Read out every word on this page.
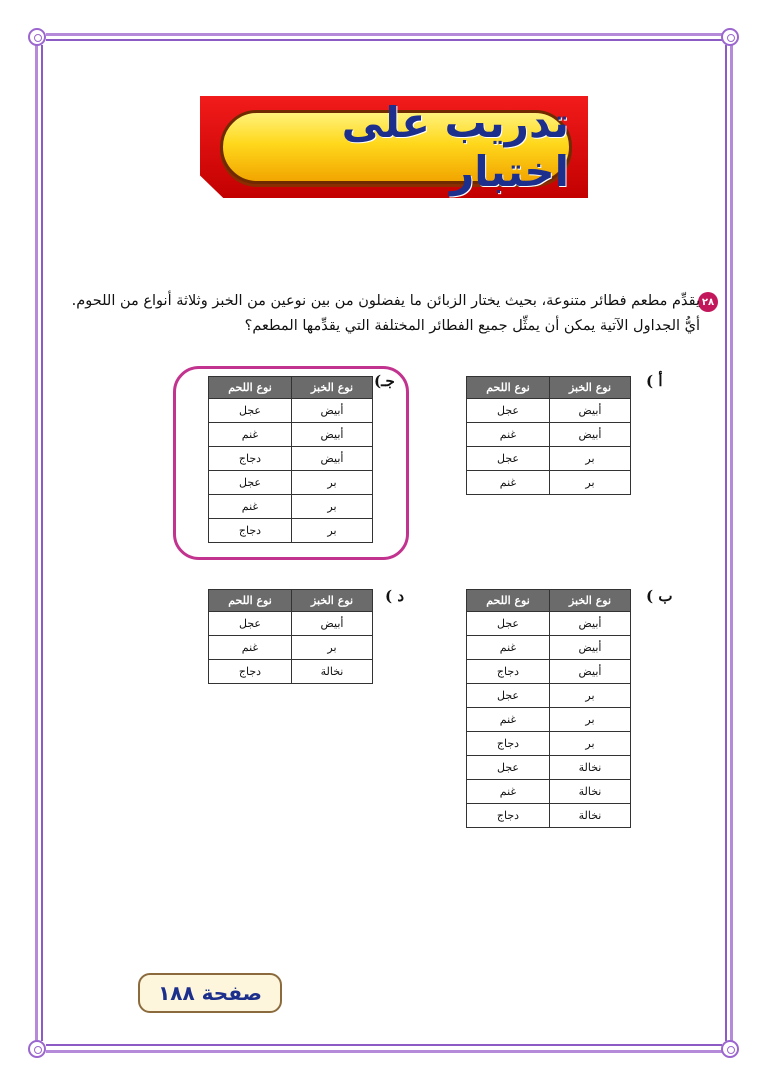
تدريب على اختبار
٢٨
يقدِّم مطعم فطائر متنوعة، بحيث يختار الزبائن ما يفضلون من بين نوعين من الخبز وثلاثة أنواع من اللحوم.
أيُّ الجداول الآتية يمكن أن يمثِّل جميع الفطائر المختلفة التي يقدِّمها المطعم؟
أ )
نوع الخبز	نوع اللحم
أبيض	عجل
أبيض	غنم
بر	عجل
بر	غنم
جـ)
نوع الخبز	نوع اللحم
أبيض	عجل
أبيض	غنم
أبيض	دجاج
بر	عجل
بر	غنم
بر	دجاج
ب )
نوع الخبز	نوع اللحم
أبيض	عجل
أبيض	غنم
أبيض	دجاج
بر	عجل
بر	غنم
بر	دجاج
نخالة	عجل
نخالة	غنم
نخالة	دجاج
د )
نوع الخبز	نوع اللحم
أبيض	عجل
بر	غنم
نخالة	دجاج
صفحة ١٨٨
